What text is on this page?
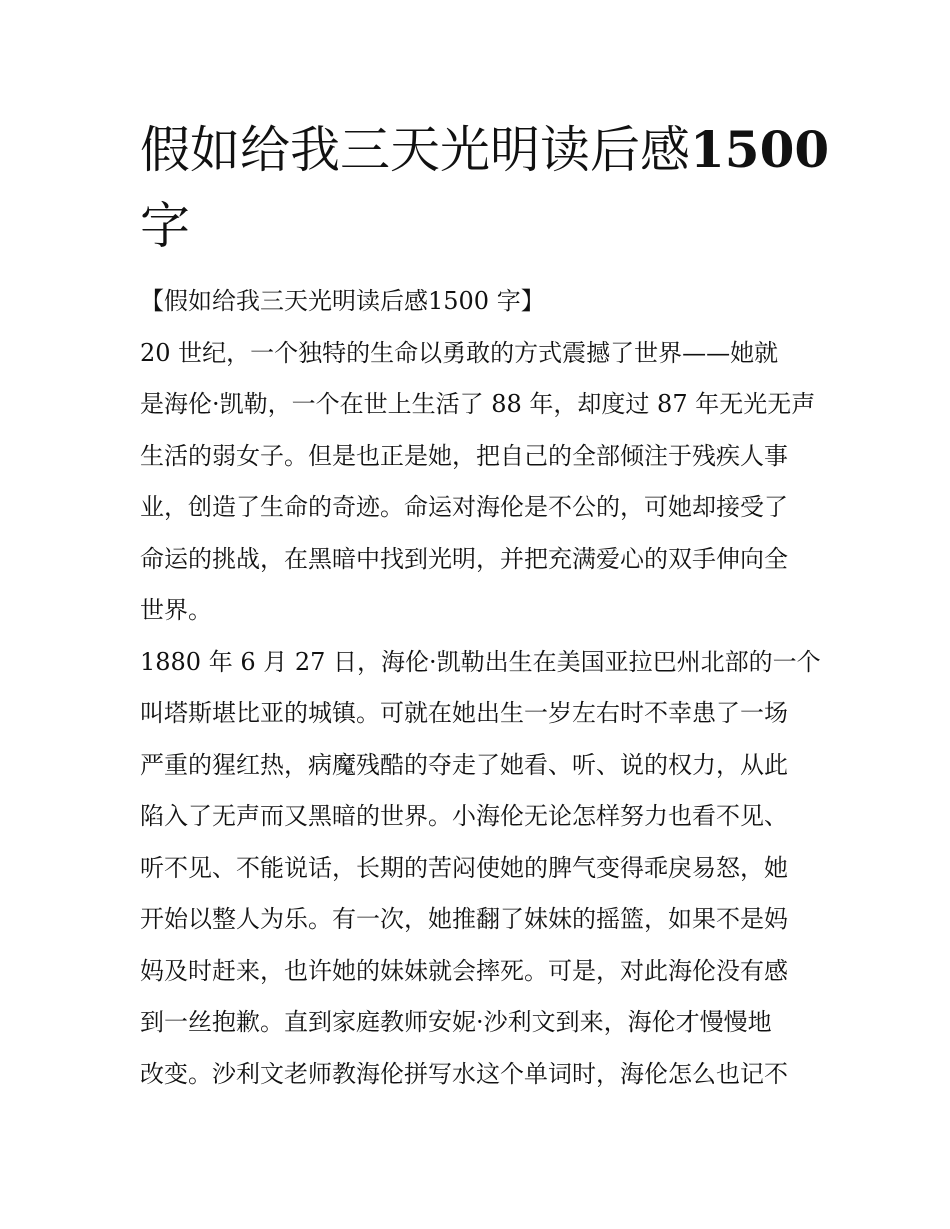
假如给我三天光明读后感1500
字
【假如给我三天光明读后感1500 字】
20 世纪，一个独特的生命以勇敢的方式震撼了世界——她就
是海伦·凯勒，一个在世上生活了 88 年，却度过 87 年无光无声
生活的弱女子。但是也正是她，把自己的全部倾注于残疾人事
业，创造了生命的奇迹。命运对海伦是不公的，可她却接受了
命运的挑战，在黑暗中找到光明，并把充满爱心的双手伸向全
世界。
1880 年 6 月 27 日，海伦·凯勒出生在美国亚拉巴州北部的一个
叫塔斯堪比亚的城镇。可就在她出生一岁左右时不幸患了一场
严重的猩红热，病魔残酷的夺走了她看、听、说的权力，从此
陷入了无声而又黑暗的世界。小海伦无论怎样努力也看不见、
听不见、不能说话，长期的苦闷使她的脾气变得乖戾易怒，她
开始以整人为乐。有一次，她推翻了妹妹的摇篮，如果不是妈
妈及时赶来，也许她的妹妹就会摔死。可是，对此海伦没有感
到一丝抱歉。直到家庭教师安妮·沙利文到来，海伦才慢慢地
改变。沙利文老师教海伦拼写水这个单词时，海伦怎么也记不
